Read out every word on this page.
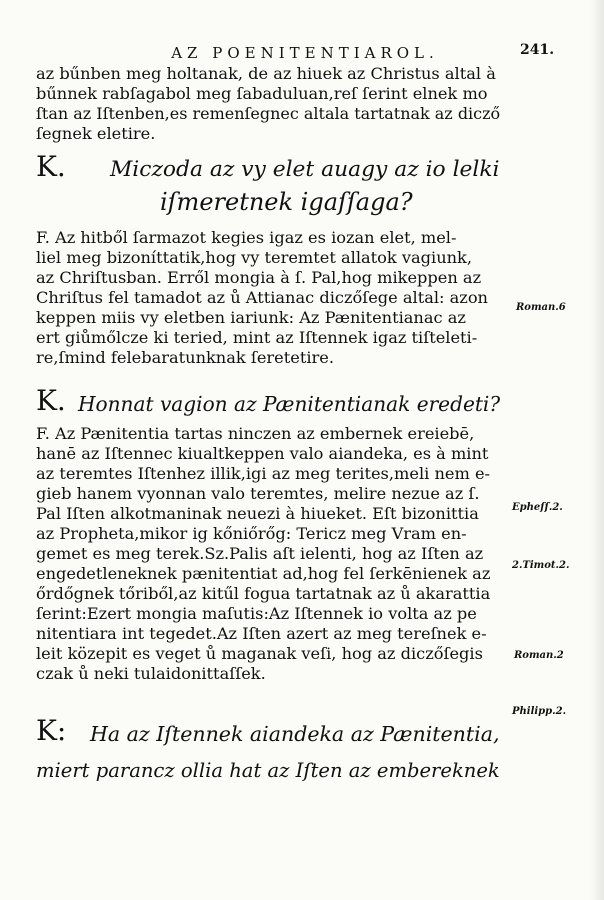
AZ POENITENTIAROL.	241.
az bűnben meg holtanak, de az hiuek az Christus altal à
bűnnek rabſagabol meg ſabaduluan,reſ ſerint elnek mo
ſtan az Iſtenben,es remenſegnec altala tartatnak az dicző
ſegnek eletire.
K. Miczoda az vy elet auagy az io lelki
iſmeretnek igaſſaga?
F. Az hitből ſarmazot kegies igaz es iozan elet, mel-
liel meg bizoníttatik,hog vy teremtet allatok vagiunk,
az Chriſtusban. Erről mongia à ſ. Pal,hog mikeppen az
Chriſtus fel tamadot az ů Attianac diczőſege altal: azon
keppen miis vy eletben iariunk: Az Pænitentianac az
ert giůmőlcze ki teried, mint az Iſtennek igaz tiſteleti-
re,ſmind felebaratunknak ſeretetire.
K. Honnat vagion az Pænitentianak eredeti?
F. Az Pænitentia tartas ninczen az embernek ereiebē,
hanē az Iſtennec kiualtkeppen valo aiandeka, es à mint
az teremtes Iſtenhez illik,igi az meg terites,meli nem e-
gieb hanem vyonnan valo teremtes, melire nezue az ſ.
Pal Iſten alkotmaninak neuezi à hiueket. Eſt bizonittia
az Propheta,mikor ig kőniőrőg: Tericz meg Vram en-
gemet es meg terek.Sz.Palis aſt ielenti, hog az Iſten az
engedetleneknek pænitentiat ad,hog fel ſerkēnienek az
őrdőgnek tőriből,az kitűl fogua tartatnak az ů akarattia
ſerint:Ezert mongia maſutis:Az Iſtennek io volta az pe
nitentiara int tegedet.Az Iſten azert az meg tereſnek e-
leit közepit es veget ů maganak veſi, hog az diczőſegis
czak ů neki tulaidonittaſſek.
K: Ha az Iſtennek aiandeka az Pænitentia,
miert parancz ollia hat az Iſten az embereknek
Roman.6
Epheſſ.2.
2.Timot.2.
Roman.2
Philipp.2.
